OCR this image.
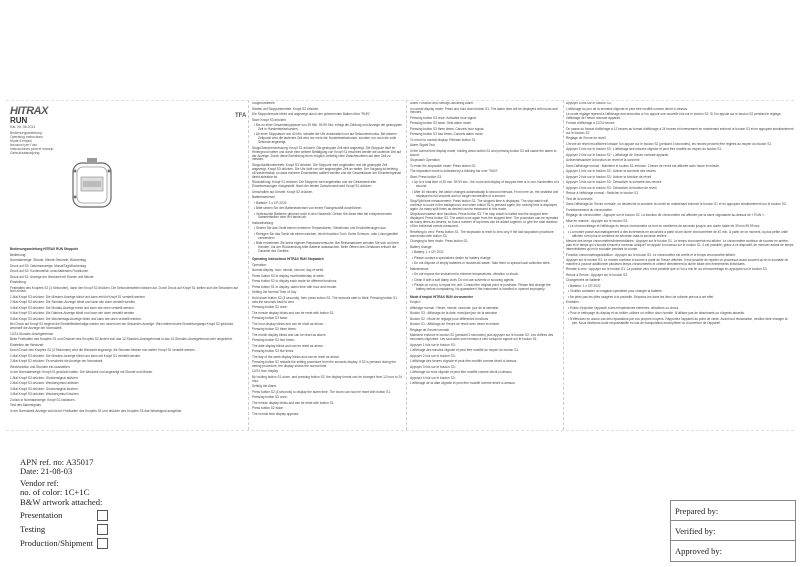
HITRAX
RUN
Kat. Nr. 38.2014
Bedienungsanleitung
Operating instructions
Mode d'emploi
Istruzioni per l'uso
Instrucciones para el manejo
Gebruiksaanwijzing
TFA

Bedienungsanleitung HITRAX RUN Stoppuhr

Bedienung:

Normalanzeige: Stunde, Minute Sekunde, Wochentag

Druck auf S3: Datumsanzeige: Monat/Tag/Wochentag

Druck auf S2: Kontinuierlich umschaltendes Funktionen

Druck auf S1: Anzeige der Weckzeit mit Stunde und Minute

Einstellung:

Festhalten des Knopfes S2 (3 Sekunden), dann den Knopf S2 drücken. Die Sekundenstellen blinken auf. Durch Druck auf Knopf S1 stellen sich die Sekunden auf Null zurück.

1.Mal Knopf S3 drücken: Die Minuten-Anzeige blinkt und kann erhöht Knopf S1 verstellt werden.

2.Mal Knopf S3 drücken: Die Stunden-Anzeige blinkt und kann wie oben verstellt werden.

3.Mal Knopf S3 drücken: Die Monats-Anzeige blinkt und kann wie oben verstellt werden.

4.Mal Knopf S3 drücken: Die Datums-Anzeige blinkt und kann wie oben verstellt werden.

5.Mal Knopf S3 drücken: Die Wochentags-Anzeige blinkt und kann wie oben verstellt werden.

Bei Druck auf Knopf S2 beginnt die Einstellfestlenhalige wieder von neuem bei der Sekunden-Anzeige. Wird während des Einstellvorgangs Knopf S2 gedrückt, wechselt die Anzeige der Normalzeit.

12/24-Stunden-Anzeigeformat:

Beim Festhalten des Knopfes S1 und Drücken des Knopfes S2 ändert sich das 12-Stunden-Anzeigeformat in das 24-Stunden-Anzeigeformat oder umgekehrt.

Einstellen der Weckzeit:

Durch Druck des Knopfes S2 (3 Sekunden) wird die Weckzeit angezeigt, die Stunden blinken nun weiter. Knopf S1 verstellt werden.

1.Mal Knopf S3 drücken: Die Minuten-Anzeige blinkt und kann mit Knopf S1 verstellt werden.

2.Mal Knopf S2 drücken: Es erscheint die Anzeige der Normalzeit.

Weckfunktion und Stunden ein-/ausstellen:

In der Normalanzeige: Knopf S1 gedrückt halten. Die Weckzeit und angezeigt mit Stunde und Minute.

1.Mal Knopf S3 drücken: Glockensignal aktiviert

2.Mal Knopf S3 drücken: Weckersymbol aktiviert

3.Mal Knopf S3 drücken: Glockensignal löschen.

4.Mal Knopf S3 drücken: Weckersymbol löschen.

Zurück in Normalanzeige: Knopf S1 loslassen.

Test des Alarmsignals:

In der Normalzeit-Anzeige wird durch Festhalten des Knopfes S1 und drücken des Knopfes S3 das Wecksignal ausgelöst.

Stoppuhrbetrieb

Starten auf Stoppuhrbetrieb: Knopf S2 drücken.

Die Stoppuhrmode blinkt und angezeigt durch den pulsierenden Balken über "RUN".

Start: Knopf S3 drücken.

• Bis zu einer Gesamtstoppdauer von 39 Min. 59,99 Sec. erfolgt die Zählung und Anzeige der gestoppten Zeit in Hundertstelsekunden.

• Ab einer Stoppdauer von 40 Min. schaltet die Uhr automatisch um auf Sekundenmodus. Bei diesem Zeitpunkt wird die laufende Zeit wird nur mehr die Hundertstelsekunde, sondern nur noch die volle Sekunde angezeigt.

Stopp/Zwischenmessung: Knopf S1 drücken. Die gestoppte Zeit wird angezeigt. Die Stoppuhr läuft im Hintergrund weiter und durch eine weitere Betätigung von Knopf S1 erscheint wieder die laufende Zeit auf der Anzeige. Durch diese Einrichtung ist es möglich, beliebig viele Zwischenzeiten auf dem Zeit zu messen.

Stopp/Additionsbetrieb: Knopf S3 drücken. Die Stoppuhr wird angehalten und die gestoppte Zeit angezeigt. Knopf S3 drücken. Die Uhr läuft von der angezeigten Zeit an weiter. Der Vorgang ist beliebig oft wiederholbar, so dass mehrere Einzelzeiten addiert werden und die Gesamtdauer der Einzelereignisse direkt ablesbar ist.

Rückstellung: Knopf S1 drücken. Die Stoppuhr wird angehalten und die Gesamtzeit aller Einzelmessungen rückgestellt. Nach der letzten Zwischenzeit wird Knopf S1 drücken

Umschalten auf Uhrzeit: Knopf S2 drücken.

Batteriewechsel:

• Batterie: 1 x CR 2032

• Bitte setzen Sie den Batteriewechsel von einem Fachgeschäft durchführen.

• Verbrauchte Batterien gehören nicht in den Hausmüll. Geben Sie diese bitte bei entsprechenden Sammelstellen oder im Handel ab.

Instandhaltung:

• Setzen Sie das Gerät keinen extremen Temperaturen, Vibrationen und Erschütterungen aus.

• Reinigen Sie das Gerät mit einem weichen, leicht feuchten Tuch. Keine Scheuer- oder Lösungsmittel verwenden!

• Bitte entnehmen Sie keine eigenen Reparaturversuche. Bei Reklamationen wenden Sie sich an Ihren Händler. Vor der Rücksendung bitte Batterie austauschen. Beim Öffnen des Gehäuses erlischt die Garantie des Gerätes.

Operating instructions HITRAX RUN Stopwatch

Operation:

Normal display: hour, minute, second, day of week.

Press button S3 to display month/date/day of week.

Press button S2 to display each mode for different functions.

Press button S1 to display: alarm time with hour and minute.

Setting the Normal Time of Day

Hold down button S2 (3 seconds), then press button S2. The seconds start to blink. Pressing button S1 sets the seconds back to zero.

Pressing button S3 once:

The minute display blinks and can be reset with button S1.

Pressing button S3 twice:

The hour display blinks and can be reset as above.

Pressing button S3 three times:

The month display blinks and can be reset as above.

Pressing button S3 four times:

The date display blinks and can be reset as above.

Pressing button S3 five times:

The day of the week display blinks and can be reset as above.

Pressing button S2 restarts the setting procedure from the seconds display. If S2 is pressed during the setting procedure, the display shows the normal time.

12/24 hour display

By holding button S1 down, and pressing button S2, the display format can be changed from 12 hour to 24 hour.

Setting the Alarm

Press button S2 (3 seconds) to display the alarm time. The hours can now be reset with button S1.

Pressing button S3 once:

The minute display blinks and can be reset with button S1.

Press button S2 twice:

The normal time display appears.

Alarm Function and Setting/Cancelling Alarm

In normal display mode: Press and hold down button S1. The alarm time will be displayed with hours and minutes.

Pressing button S3 once: Activates hour signal.

Pressing button S3 twice: Sets alarm mode.

Pressing button S3 three times: Cancels hour signal.

Pressing button S3 four times: Cancels alarm mode.

To return to normal display: Release button S1.

Alarm Signal Test

In the normal time display mode, holding down button S1 and pressing button S3 will cause the alarm to sound.

Stopwatch Operation

To enter the stopwatch mode: Press button S2.

The stopwatch mode is indicated by a blinking bar over "RUN".

Start: Press button S3.

• Up to a total time of 39 min. 59.99 sec., the count and display of stopped time is in one-hundredths of a second.

• After 40 minutes, the watch changes automatically to second intervals. From here on, the smallest unit displayed is full seconds and no longer hundredths of a second.

Stop/Split time measurement: Press button S1. The stopped time is displayed. The stop watch will continue to count in the background, and when button S1 is pressed again, the running time is displayed again. As many split times as desired can be measured in this mode.

Stop/accumulative time functions: Press button S3. The stop watch is halted and the stopped time displayed. Press button S3. The watch runs again from the stopped time. The procedure can be repeated as many times as desired, so that a number of lap times can be added together, to give the total duration of the individual events measured.

Resetting to zero: Press button S1. The stopwatch is reset to zero only if the last stopwatch procedure was ended with button S3.

Changing to time mode: Press button S2.

Battery change:

• Battery: 1 x CR 2032

• Please contact a specialized dealer for battery change.

• Do not dispose of empty batteries in household waste. Take them to special local collection sites.

Maintenance:

• Do not expose the instrument to extreme temperatures, vibration or shock.

• Clean it with a soft damp cloth. Do not use solvents or scouring agents.

• Please do not try to repair the unit. Contact the original point of purchase. Please first change the battery before complaining. No guarantee if the instrument is handled or opened improperly.

Mode d'emploi HITRAX RUN chronomètre

Emploi:

Affichage normal : Heure, minute, seconde, jour de la semaine.

Bouton S3 : Affichage de la date, mois/jour/jour de la semaine

Bouton S2 : Mode de réglage pour différentes fonctions

Bouton S1 : Affichage de l'heure de réveil avec heure et minute.

Réglage de l'heure normale

Maintenir enfoncé le bouton S2 (pendant 3 secondes) puis appuyer sur le bouton S2. Les chiffres des secondes clignotent. Les secondes sont remises à zéro lorsqu'on appuie sur le bouton S1.

Appuyer 1 fois sur le bouton S3 :

L'affichage des minutes clignote et peut être modifié au moyen du bouton S1.

Appuyer 2 fois sur le bouton S3 :

L'affichage des heures clignote et peut être modifié comme décrit ci-dessus.

Appuyer 3 fois sur le bouton S3 :

L'affichage du mois clignote et peut être modifié comme décrit ci-dessus

Appuyer 4 fois sur le bouton S3 :

L'affichage de la date clignote et peut être modifié comme décrit ci-dessus.

Appuyer 5 fois sur le bouton S3 :

L'affichage du jour de la semaine clignote et peut être modifié comme décrit ci-dessus.

Le mode réglage reprend à l'affichage des secondes si l'on appuie une nouvelle fois sur le bouton S2. Si l'on appuie sur le bouton S2 pendant le réglage, l'affichage de l'heure normale apparaît.

Format d'affichage à 12/24 heures

On passe du format d'affichage à 12 heures au format d'affichage à 24 heures et inversement en maintenant enfoncé le bouton S1 et en appuyant simultanément sur le bouton S2.

Réglage de l'heure de réveil

L'heure de réveil est affichée lorsque l'on appuie sur le bouton S2 (pendant 3 secondes), les heures peuvent être réglées au moyen du bouton S1.

Appuyer 1 fois sur le bouton S3 : L'affichage des minutes clignote et peut être modifié au moyen du bouton S1.

Appuyer 2 fois sur le bouton S2 : L'affichage de l'heure normale apparaît.

Activer/désactiver la fonction de réveil et la sonnerie

Dans l'affichage normal : Maintenir le bouton S1 enfoncé. L'heure de réveil est affichée avec heure et minute.

Appuyer 1 fois sur le bouton S3 : Activer la sonnerie des heures

Appuyer 2 fois sur le bouton S3 : Activer la fonction de réveil

Appuyer 3 fois sur le bouton S3 : Désactiver la sonnerie des heures

Appuyer 4 fois sur le bouton S3 : Désactiver la fonction de réveil

Retour à l'affichage normal : Relâcher le bouton S1.

Test de la sonnerie

Dans l'affichage de l'heure normale, on déclenche la sonnerie du réveil en maintenant enfoncé le bouton S1 et en appuyant simultanément sur le bouton S3.

Fonctionnement du chronomètre

Réglage du chronomètre : Appuyer sur le bouton S2. La fonction de chronomètre est affichée par la barre clignotante au-dessus de « RUN ».

Mise en marche : Appuyer sur le bouton S3.

• Le chronométrage et l'affichage du temps chronométré se font en centièmes de seconde jusqu'à une durée totale de 39 min 59,99 sec.

• La montre passe automatiquement à des incréments en secondes à partir d'une durée chronométrée de 40 min. À partir de ce moment, la plus petite unité affichée n'est plus le centième de seconde mais la seconde entière.

Mesure des temps chronométrés/intermédiaires : Appuyer sur le bouton S1. Le temps chronométré est affiché. Le chronomètre continue de tourner en arrière-plan et le temps qui s'écoule s'inscrit à nouveau lorsque l'on appuie à nouveau sur le bouton S1. Il est possible, grâce à ce dispositif, de mesurer autant de temps intermédiaires qu'on le souhaite pendant la course.

Fonction chronométrage/addition : Appuyer sur le bouton S3. Le chronomètre est arrêté et le temps chronométré affiché.

Appuyer sur le bouton S3. Le montre continue à tourner à partir de l'heure affichée. Il est possible de répéter ce processus aussi souvent qu'on le souhaite de manière à pouvoir additionner plusieurs temps chronométrés et obtenir directement la durée totale des événements individuels.

Remise à zéro : Appuyer sur le bouton S1. La position zéro n'est possible que si l'on a mis fin au chronométrage en appuyant sur le bouton S3.

Retour à l'heure : Appuyer sur le bouton S2.

Changement de batterie :

• Batterie: 1 x CR 2032

• Veuillez contacter un magasin spécialisé pour changer la batterie.

• Ne jetez pas les piles usagées à la poubelle. Déposez-les dans les lieux de collecte prévus à cet effet.

Entretien :

• Evitez d'exposer l'appareil à des températures extrêmes, vibrations ou chocs.

• Pour le nettoyage du display et du boîtier, utilisez un chiffon doux humide. N'utilisez pas de dissolvants ou d'agents abrasifs.

• N'effectuez en aucun cas des réparations par vos propres moyens. Rapportez l'appareil au point de vente. Avant tout réclamation, veuillez faire changer la pile. Nous déclinons toute responsabilité en cas de manipulation incomplétée ou d'ouverture de l'appareil.

APN ref. no: A35017
Date: 21-08-03
Vendor ref:
no. of color: 1C+1C
B&W artwork attached:
Presentation
Testing
Production/Shipment
Prepared by:
Verified by:
Approved by:
